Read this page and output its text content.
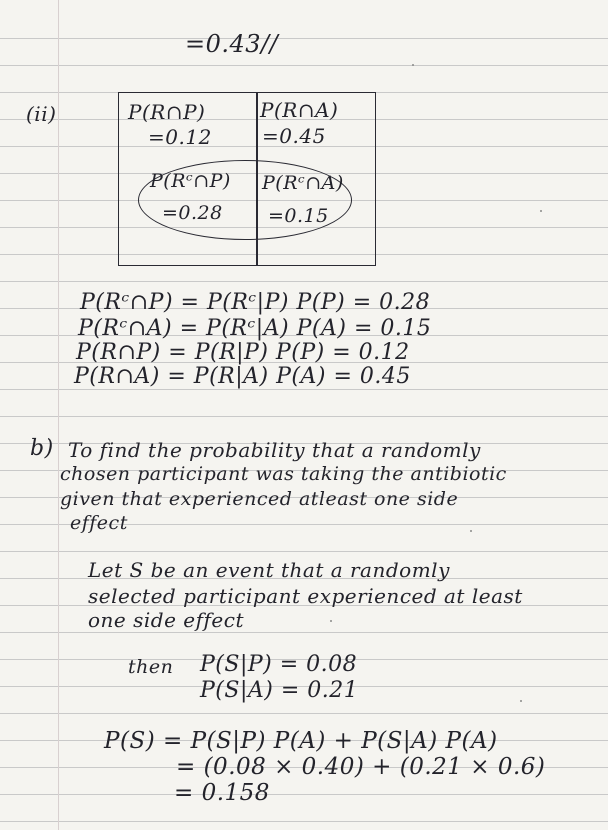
=0.43//
(ii)	P(R∩P)
=0.12
P(R∩A)
=0.45
P(Rᶜ∩P)
=0.28
P(Rᶜ∩A)
=0.15
P(Rᶜ∩P) = P(Rᶜ|P) P(P) = 0.28
P(Rᶜ∩A) = P(Rᶜ|A) P(A) = 0.15
P(R∩P) = P(R|P) P(P) = 0.12
P(R∩A) = P(R|A) P(A) = 0.45
b) To find the probability that a randomly
chosen participant was taking the antibiotic
given that experienced atleast one side
effect
Let S be an event that a randomly
selected participant experienced at least
one side effect
then P(S|P) = 0.08
P(S|A) = 0.21
P(S) = P(S|P) P(A) + P(S|A) P(A)
= (0.08 × 0.40) + (0.21 × 0.6)
= 0.158
